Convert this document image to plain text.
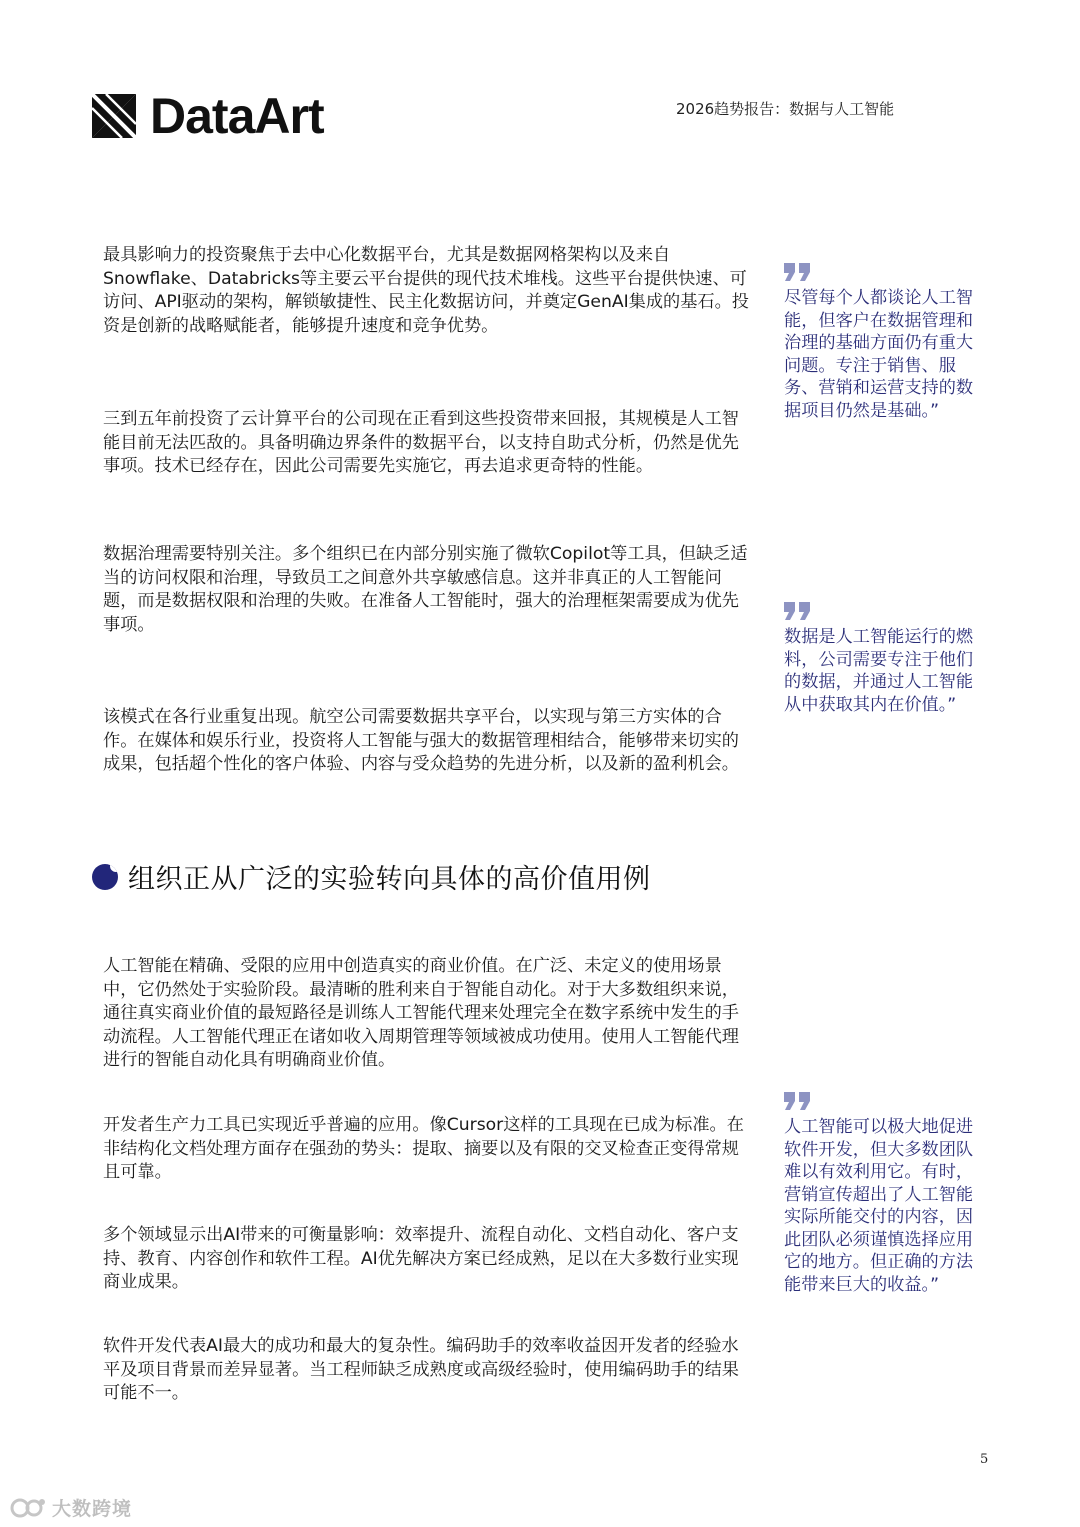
DataArt	2026趋势报告：数据与人工智能

最具影响力的投资聚焦于去中心化数据平台，尤其是数据网格架构以及来自Snowflake、Databricks等主要云平台提供的现代技术堆栈。这些平台提供快速、可访问、API驱动的架构，解锁敏捷性、民主化数据访问，并奠定GenAI集成的基石。投资是创新的战略赋能者，能够提升速度和竞争优势。

三到五年前投资了云计算平台的公司现在正看到这些投资带来回报，其规模是人工智能目前无法匹敌的。具备明确边界条件的数据平台，以支持自助式分析，仍然是优先事项。技术已经存在，因此公司需要先实施它，再去追求更奇特的性能。

数据治理需要特别关注。多个组织已在内部分别实施了微软Copilot等工具，但缺乏适当的访问权限和治理，导致员工之间意外共享敏感信息。这并非真正的人工智能问题，而是数据权限和治理的失败。在准备人工智能时，强大的治理框架需要成为优先事项。

该模式在各行业重复出现。航空公司需要数据共享平台，以实现与第三方实体的合作。在媒体和娱乐行业，投资将人工智能与强大的数据管理相结合，能够带来切实的成果，包括超个性化的客户体验、内容与受众趋势的先进分析，以及新的盈利机会。

组织正从广泛的实验转向具体的高价值用例

人工智能在精确、受限的应用中创造真实的商业价值。在广泛、未定义的使用场景中，它仍然处于实验阶段。最清晰的胜利来自于智能自动化。对于大多数组织来说，通往真实商业价值的最短路径是训练人工智能代理来处理完全在数字系统中发生的手动流程。人工智能代理正在诸如收入周期管理等领域被成功使用。使用人工智能代理进行的智能自动化具有明确商业价值。

开发者生产力工具已实现近乎普遍的应用。像Cursor这样的工具现在已成为标准。在非结构化文档处理方面存在强劲的势头：提取、摘要以及有限的交叉检查正变得常规且可靠。

多个领域显示出AI带来的可衡量影响：效率提升、流程自动化、文档自动化、客户支持、教育、内容创作和软件工程。AI优先解决方案已经成熟，足以在大多数行业实现商业成果。

软件开发代表AI最大的成功和最大的复杂性。编码助手的效率收益因开发者的经验水平及项目背景而差异显著。当工程师缺乏成熟度或高级经验时，使用编码助手的结果可能不一。

尽管每个人都谈论人工智能，但客户在数据管理和治理的基础方面仍有重大问题。专注于销售、服务、营销和运营支持的数据项目仍然是基础。”

数据是人工智能运行的燃料，公司需要专注于他们的数据，并通过人工智能从中获取其内在价值。”

人工智能可以极大地促进软件开发，但大多数团队难以有效利用它。有时，营销宣传超出了人工智能实际所能交付的内容，因此团队必须谨慎选择应用它的地方。但正确的方法能带来巨大的收益。”

5
大数跨境
